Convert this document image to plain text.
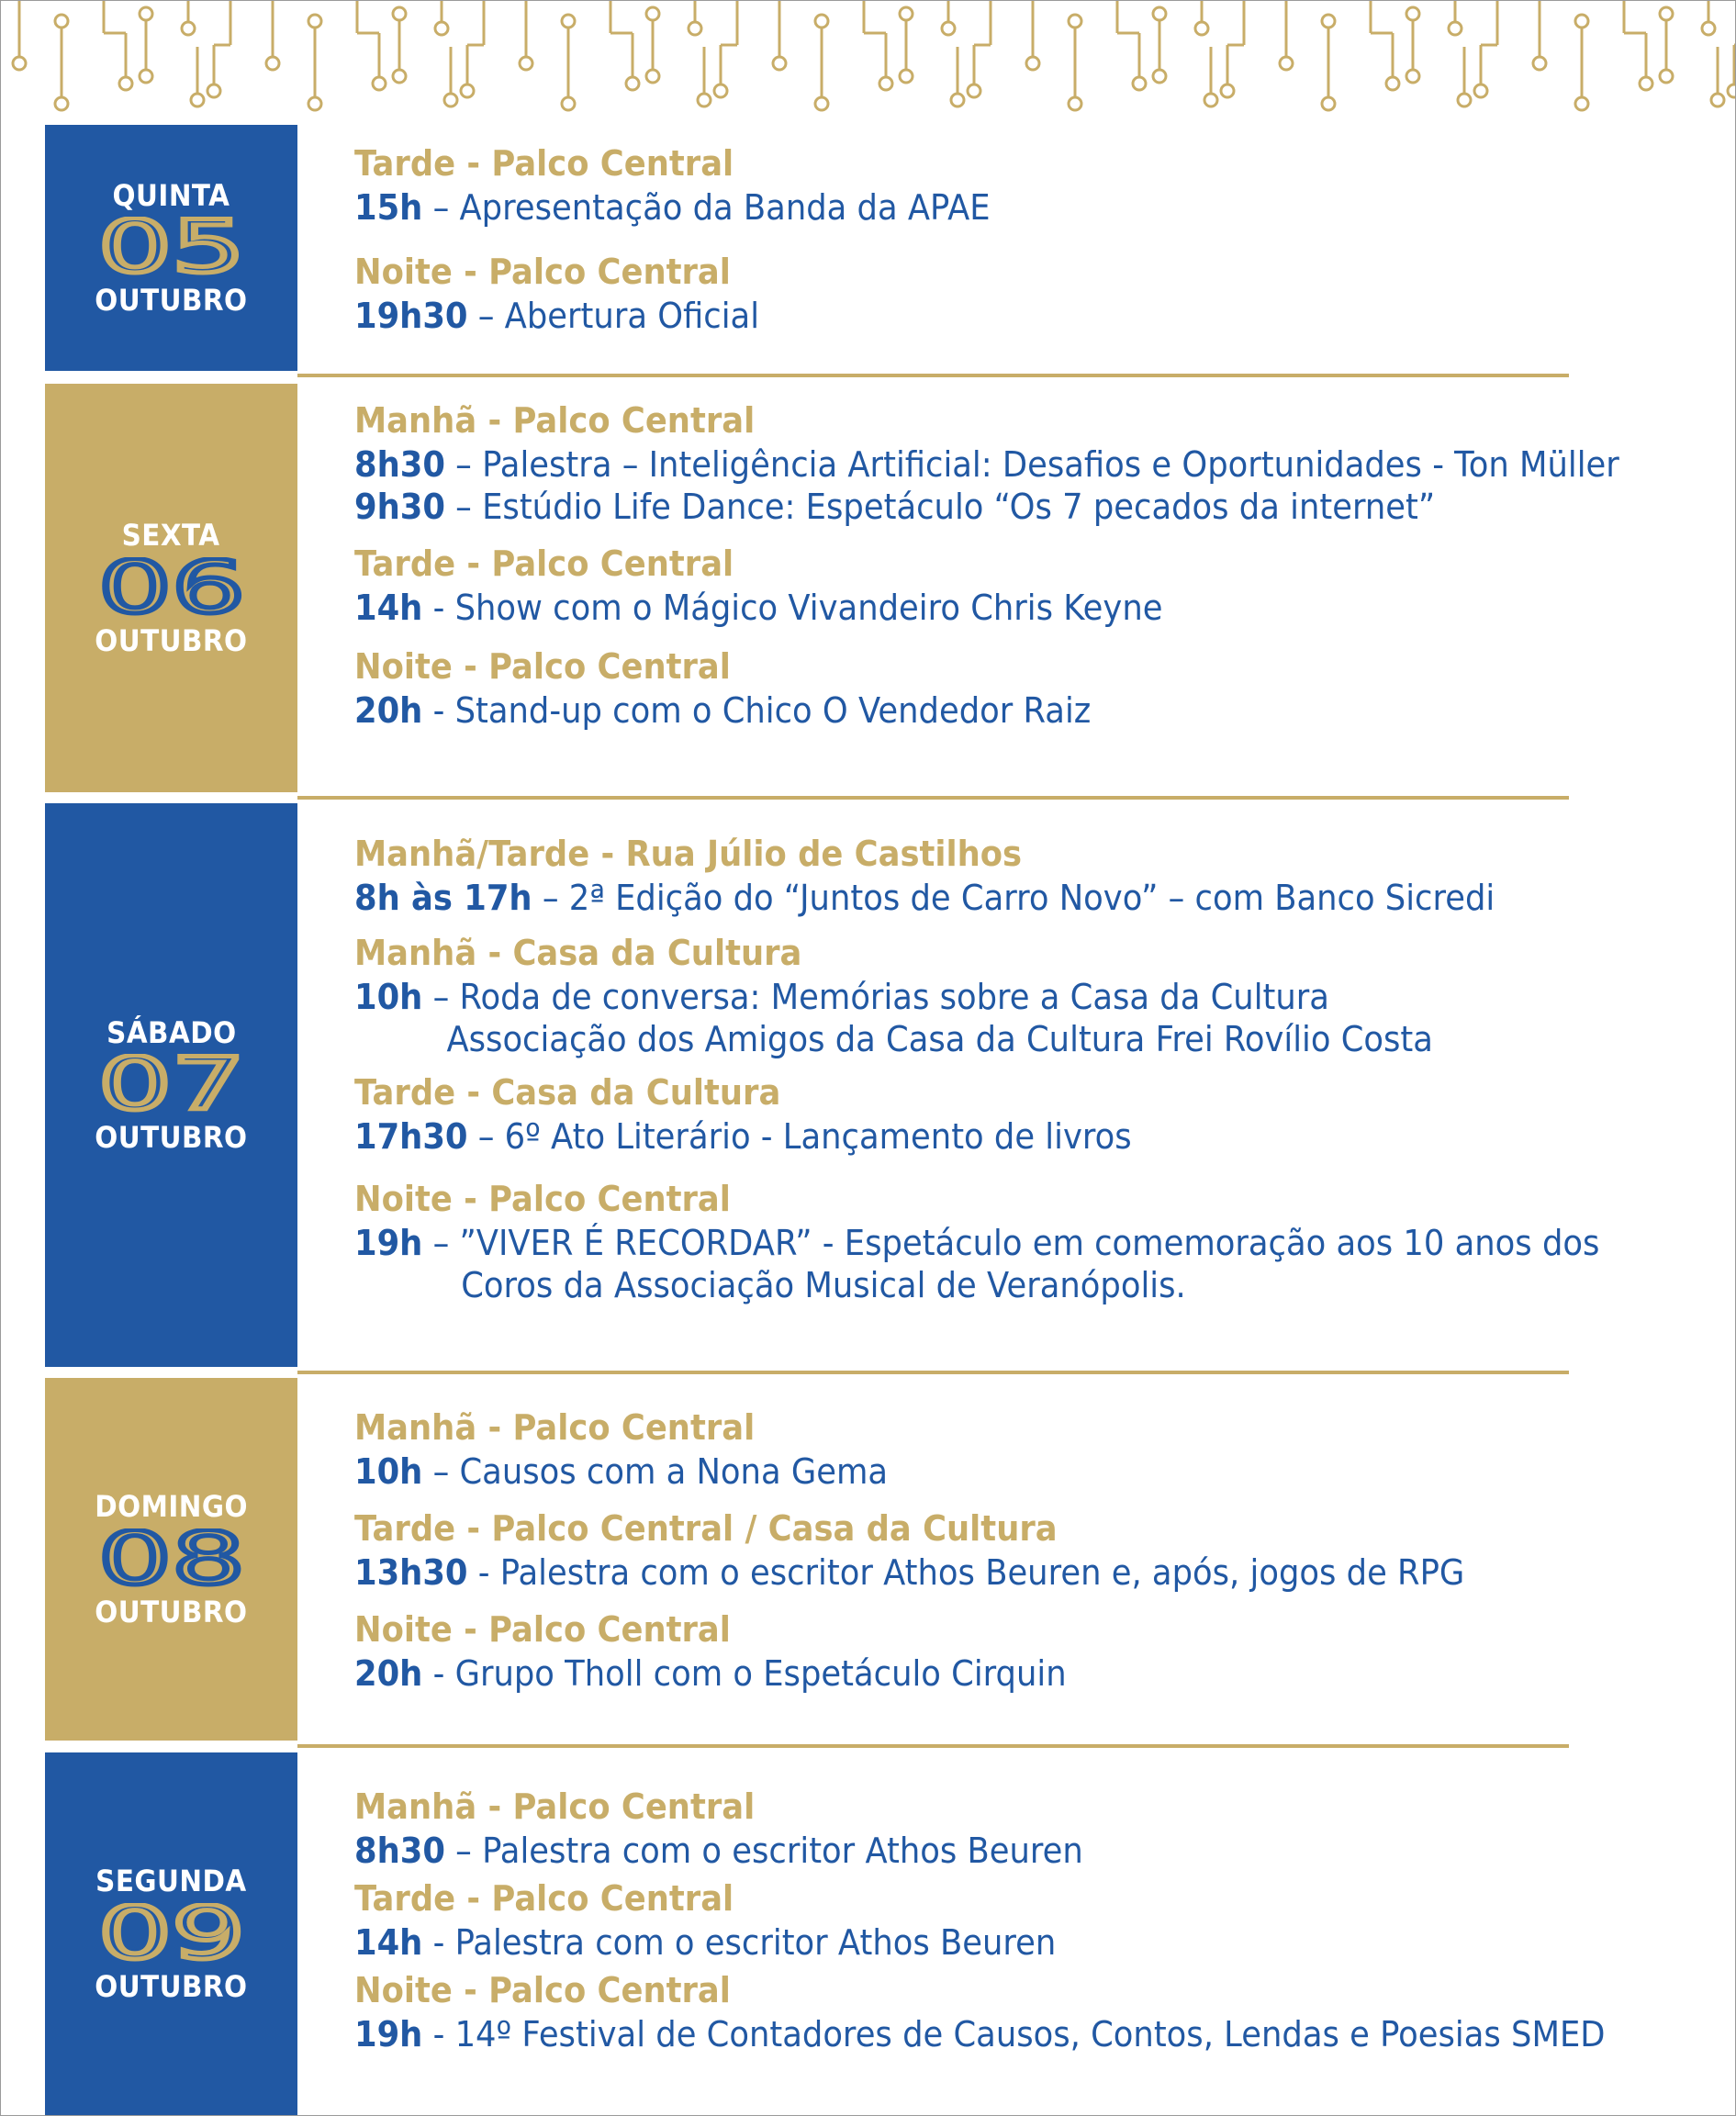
QUINTA
05
OUTUBRO
Tarde - Palco Central
15h – Apresentação da Banda da APAE
Noite - Palco Central
19h30 – Abertura Oficial
SEXTA
06
OUTUBRO
Manhã - Palco Central
8h30 – Palestra – Inteligência Artificial: Desafios e Oportunidades - Ton Müller
9h30 – Estúdio Life Dance: Espetáculo “Os 7 pecados da internet”
Tarde - Palco Central
14h - Show com o Mágico Vivandeiro Chris Keyne
Noite - Palco Central
20h - Stand-up com o Chico O Vendedor Raiz
SÁBADO
07
OUTUBRO
Manhã/Tarde - Rua Júlio de Castilhos
8h às 17h – 2ª Edição do “Juntos de Carro Novo” – com Banco Sicredi
Manhã - Casa da Cultura
10h – Roda de conversa: Memórias sobre a Casa da Cultura
Associação dos Amigos da Casa da Cultura Frei Rovílio Costa
Tarde - Casa da Cultura
17h30 – 6º Ato Literário - Lançamento de livros
Noite - Palco Central
19h – ”VIVER É RECORDAR” - Espetáculo em comemoração aos 10 anos dos
Coros da Associação Musical de Veranópolis.
DOMINGO
08
OUTUBRO
Manhã - Palco Central
10h – Causos com a Nona Gema
Tarde - Palco Central / Casa da Cultura
13h30 - Palestra com o escritor Athos Beuren e, após, jogos de RPG
Noite - Palco Central
20h - Grupo Tholl com o Espetáculo Cirquin
SEGUNDA
09
OUTUBRO
Manhã - Palco Central
8h30 – Palestra com o escritor Athos Beuren
Tarde - Palco Central
14h - Palestra com o escritor Athos Beuren
Noite - Palco Central
19h - 14º Festival de Contadores de Causos, Contos, Lendas e Poesias SMED
